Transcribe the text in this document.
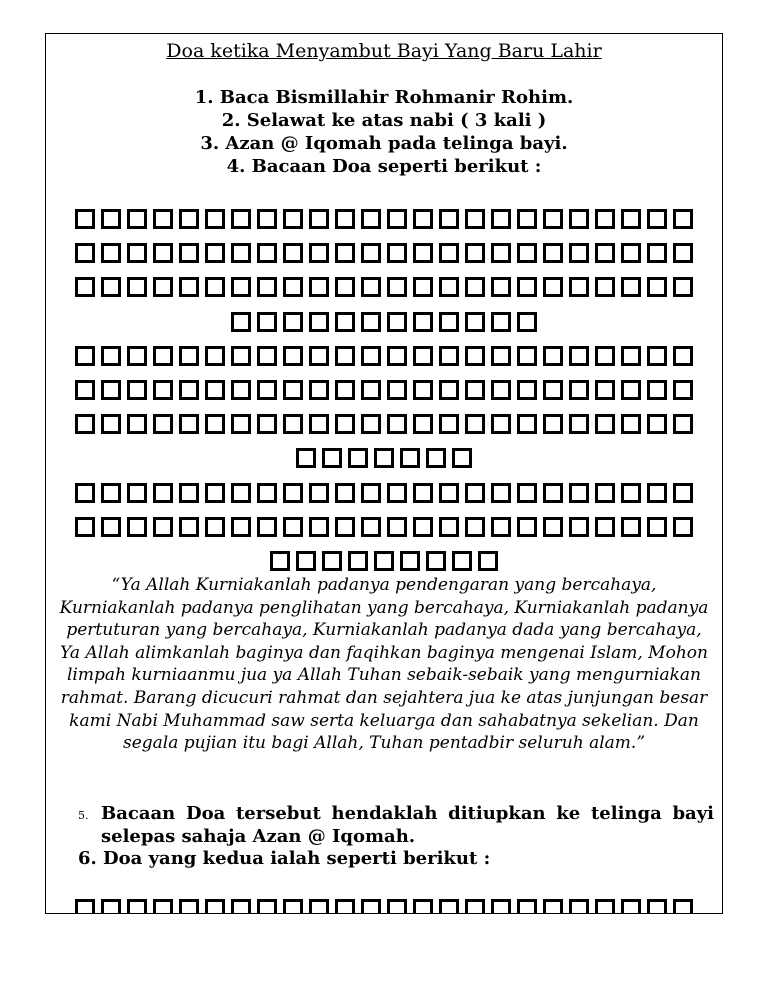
Doa ketika Menyambut Bayi Yang Baru Lahir
1. Baca Bismillahir Rohmanir Rohim.
2. Selawat ke atas nabi ( 3 kali )
3. Azan @ Iqomah pada telinga bayi.
4. Bacaan Doa seperti berikut :
“Ya Allah Kurniakanlah padanya pendengaran yang bercahaya, Kurniakanlah padanya penglihatan yang bercahaya, Kurniakanlah padanya pertuturan yang bercahaya, Kurniakanlah padanya dada yang bercahaya, Ya Allah alimkanlah baginya dan faqihkan baginya mengenai Islam, Mohon limpah kurniaanmu jua ya Allah Tuhan sebaik-sebaik yang mengurniakan rahmat. Barang dicucuri rahmat dan sejahtera jua ke atas junjungan besar kami Nabi Muhammad saw serta keluarga dan sahabatnya sekelian. Dan segala pujian itu bagi Allah, Tuhan pentadbir seluruh alam.”
5. Bacaan Doa tersebut hendaklah ditiupkan ke telinga bayi selepas sahaja Azan @ Iqomah.
6. Doa yang kedua ialah seperti berikut :
